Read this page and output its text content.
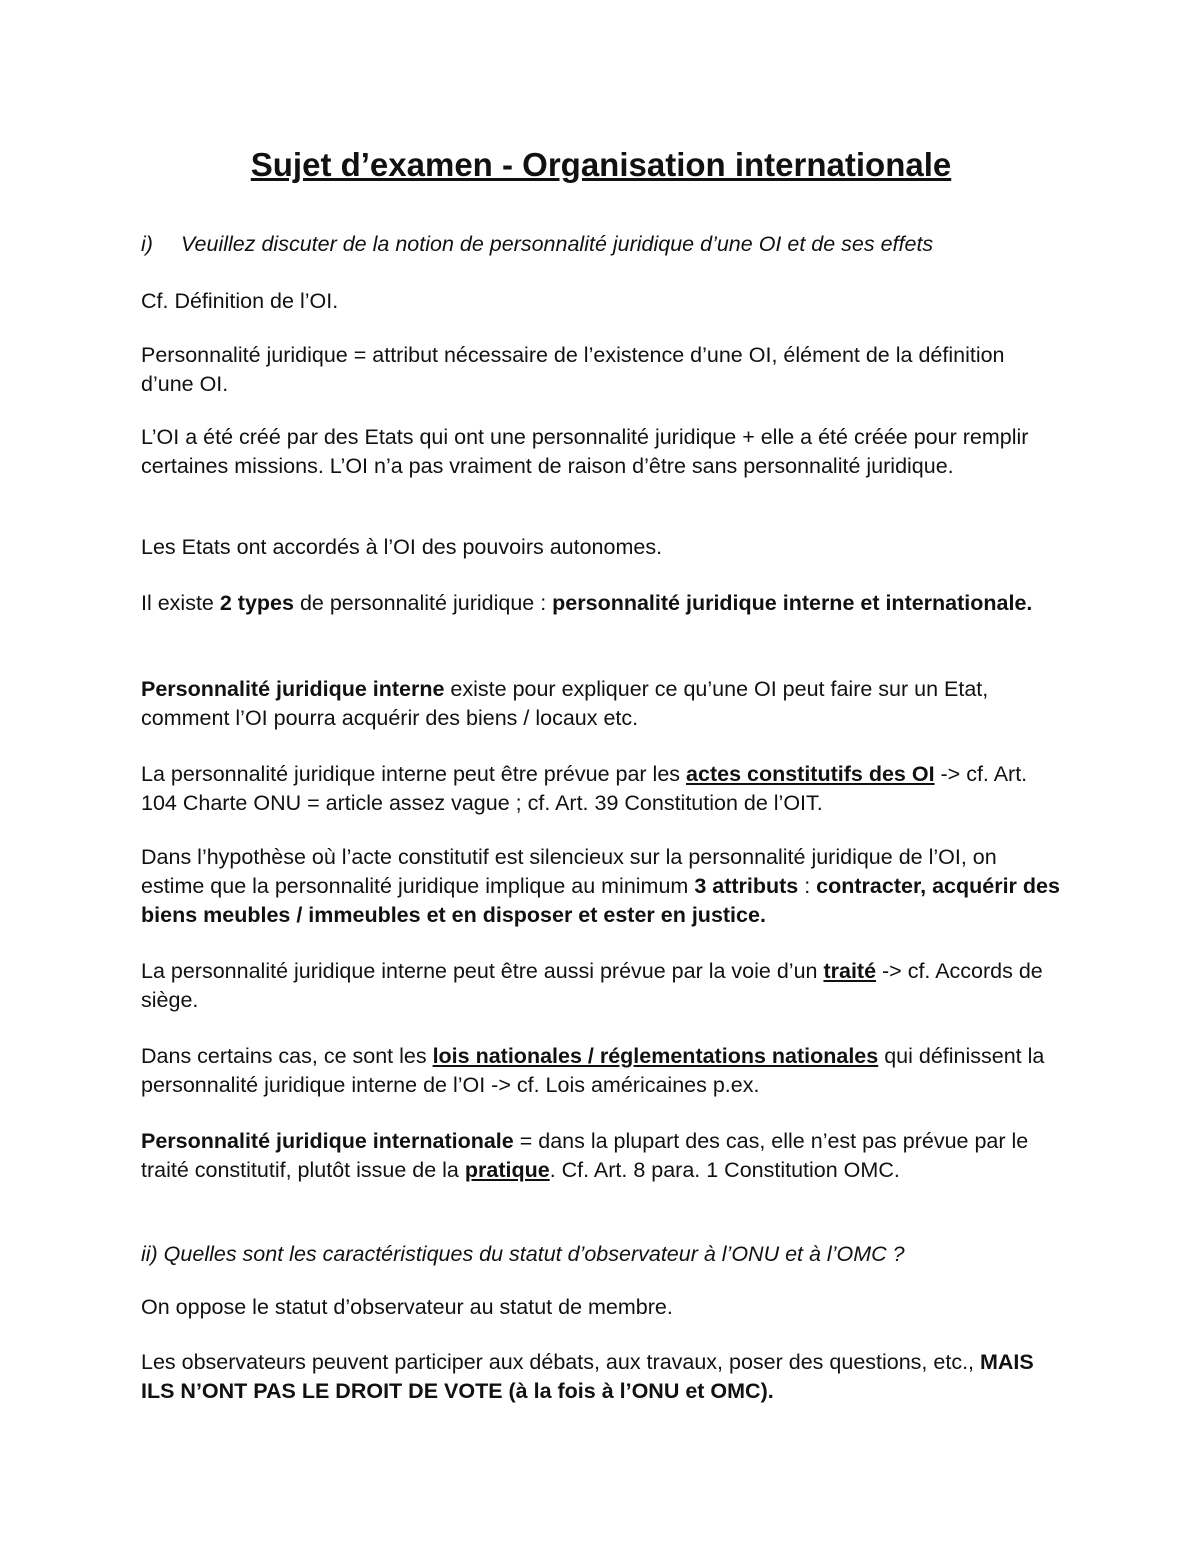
Sujet d’examen - Organisation internationale

i) Veuillez discuter de la notion de personnalité juridique d’une OI et de ses effets

Cf. Définition de l’OI.

Personnalité juridique = attribut nécessaire de l’existence d’une OI, élément de la définition d’une OI.

L’OI a été créé par des Etats qui ont une personnalité juridique + elle a été créée pour remplir certaines missions. L’OI n’a pas vraiment de raison d’être sans personnalité juridique.

Les Etats ont accordés à l’OI des pouvoirs autonomes.

Il existe 2 types de personnalité juridique : personnalité juridique interne et internationale.

Personnalité juridique interne existe pour expliquer ce qu’une OI peut faire sur un Etat, comment l’OI pourra acquérir des biens / locaux etc.

La personnalité juridique interne peut être prévue par les actes constitutifs des OI -> cf. Art. 104 Charte ONU = article assez vague ; cf. Art. 39 Constitution de l’OIT.

Dans l’hypothèse où l’acte constitutif est silencieux sur la personnalité juridique de l’OI, on estime que la personnalité juridique implique au minimum 3 attributs : contracter, acquérir des biens meubles / immeubles et en disposer et ester en justice.

La personnalité juridique interne peut être aussi prévue par la voie d’un traité -> cf. Accords de siège.

Dans certains cas, ce sont les lois nationales / réglementations nationales qui définissent la personnalité juridique interne de l’OI -> cf. Lois américaines p.ex.

Personnalité juridique internationale = dans la plupart des cas, elle n’est pas prévue par le traité constitutif, plutôt issue de la pratique. Cf. Art. 8 para. 1 Constitution OMC.

ii) Quelles sont les caractéristiques du statut d’observateur à l’ONU et à l’OMC ?

On oppose le statut d’observateur au statut de membre.

Les observateurs peuvent participer aux débats, aux travaux, poser des questions, etc., MAIS ILS N’ONT PAS LE DROIT DE VOTE (à la fois à l’ONU et OMC).
